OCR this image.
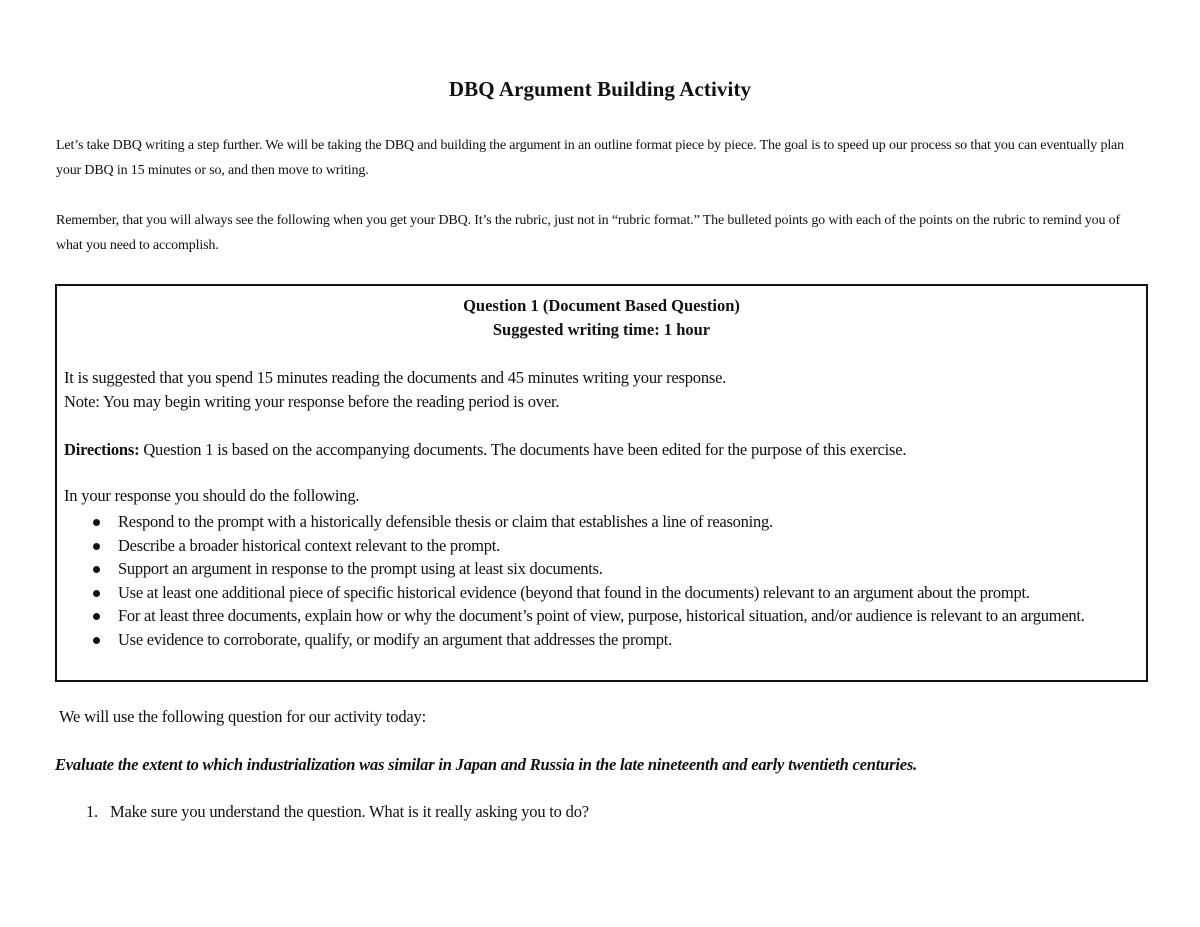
DBQ Argument Building Activity
Let’s take DBQ writing a step further. We will be taking the DBQ and building the argument in an outline format piece by piece. The goal is to speed up our process so that you can eventually plan your DBQ in 15 minutes or so, and then move to writing.
Remember, that you will always see the following when you get your DBQ. It’s the rubric, just not in “rubric format.” The bulleted points go with each of the points on the rubric to remind you of what you need to accomplish.
Question 1 (Document Based Question)
Suggested writing time: 1 hour
It is suggested that you spend 15 minutes reading the documents and 45 minutes writing your response.
Note: You may begin writing your response before the reading period is over.
Directions: Question 1 is based on the accompanying documents. The documents have been edited for the purpose of this exercise.
In your response you should do the following.
Respond to the prompt with a historically defensible thesis or claim that establishes a line of reasoning.
Describe a broader historical context relevant to the prompt.
Support an argument in response to the prompt using at least six documents.
Use at least one additional piece of specific historical evidence (beyond that found in the documents) relevant to an argument about the prompt.
For at least three documents, explain how or why the document’s point of view, purpose, historical situation, and/or audience is relevant to an argument.
Use evidence to corroborate, qualify, or modify an argument that addresses the prompt.
We will use the following question for our activity today:
Evaluate the extent to which industrialization was similar in Japan and Russia in the late nineteenth and early twentieth centuries.
1. Make sure you understand the question. What is it really asking you to do?
